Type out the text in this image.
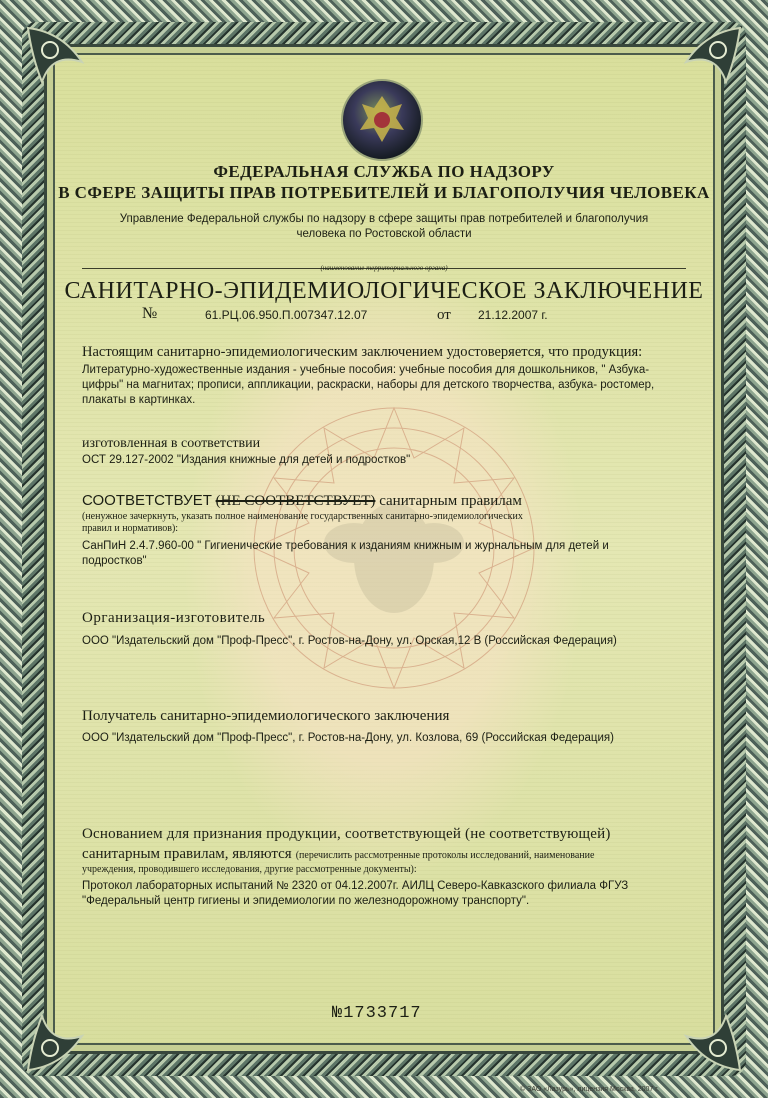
ФЕДЕРАЛЬНАЯ СЛУЖБА ПО НАДЗОРУ
В СФЕРЕ ЗАЩИТЫ ПРАВ ПОТРЕБИТЕЛЕЙ И БЛАГОПОЛУЧИЯ ЧЕЛОВЕКА
Управление Федеральной службы по надзору в сфере защиты прав потребителей и благополучия
человека по Ростовской области
(наименование территориального органа)
САНИТАРНО-ЭПИДЕМИОЛОГИЧЕСКОЕ ЗАКЛЮЧЕНИЕ
№	61.РЦ.06.950.П.007347.12.07	от 21.12.2007 г.
Настоящим санитарно-эпидемиологическим заключением удостоверяется, что продукция:
Литературно-художественные издания - учебные пособия: учебные пособия для дошкольников, " Азбука-
цифры" на магнитах; прописи, аппликации, раскраски, наборы для детского творчества, азбука- ростомер,
плакаты в картинках.
изготовленная в соответствии
ОСТ 29.127-2002 "Издания книжные для детей и подростков"
СООТВЕТСТВУЕТ (НЕ СООТВЕТСТВУЕТ) санитарным правилам
(ненужное зачеркнуть, указать полное наименование государственных санитарно-эпидемиологических
правил и нормативов):
СанПиН 2.4.7.960-00 " Гигиенические требования к изданиям книжным и журнальным для детей и
подростков"
Организация-изготовитель
ООО "Издательский дом "Проф-Пресс", г. Ростов-на-Дону, ул. Орская,12 В (Российская Федерация)
Получатель санитарно-эпидемиологического заключения
ООО "Издательский дом "Проф-Пресс", г. Ростов-на-Дону, ул. Козлова, 69 (Российская Федерация)
Основанием для признания продукции, соответствующей (не соответствующей)
санитарным правилам, являются (перечислить рассмотренные протоколы исследований, наименование
учреждения, проводившего исследования, другие рассмотренные документы):
Протокол лабораторных испытаний № 2320 от 04.12.2007г. АИЛЦ Северо-Кавказского филиала ФГУЗ
"Федеральный центр гигиены и эпидемиологии по железнодорожному транспорту".
№1733717
© ЗАО «Лазурь», лицензия Москва, 2007 г.
